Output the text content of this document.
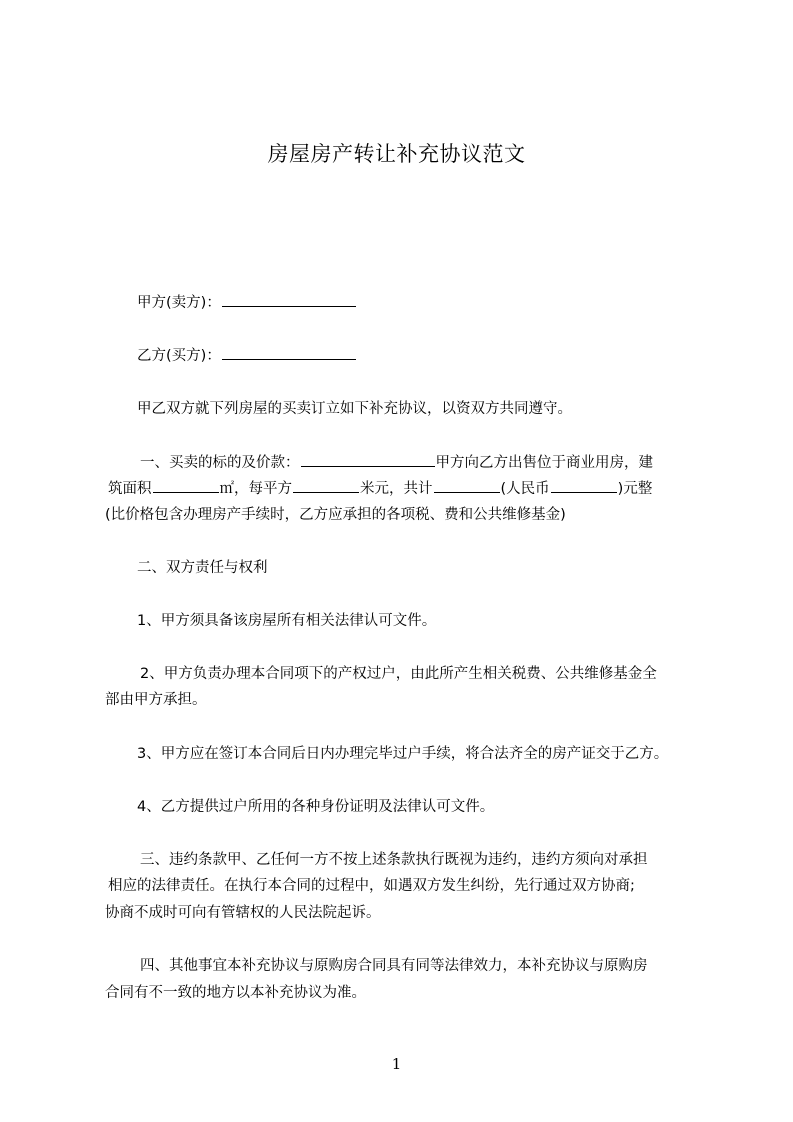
房屋房产转让补充协议范文
甲方(卖方)：
乙方(买方)：
甲乙双方就下列房屋的买卖订立如下补充协议，以资双方共同遵守。
一、买卖的标的及价款：	甲方向乙方出售位于商业用房，建
筑面积	㎡，每平方	米元，共计	(人民币	)元整
(比价格包含办理房产手续时，乙方应承担的各项税、费和公共维修基金)
二、双方责任与权利
1、甲方须具备该房屋所有相关法律认可文件。
2、甲方负责办理本合同项下的产权过户，由此所产生相关税费、公共维修基金全
部由甲方承担。
3、甲方应在签订本合同后日内办理完毕过户手续，将合法齐全的房产证交于乙方。
4、乙方提供过户所用的各种身份证明及法律认可文件。
三、违约条款甲、乙任何一方不按上述条款执行既视为违约，违约方须向对承担
相应的法律责任。在执行本合同的过程中，如遇双方发生纠纷，先行通过双方协商;
协商不成时可向有管辖权的人民法院起诉。
四、其他事宜本补充协议与原购房合同具有同等法律效力，本补充协议与原购房
合同有不一致的地方以本补充协议为准。
1
